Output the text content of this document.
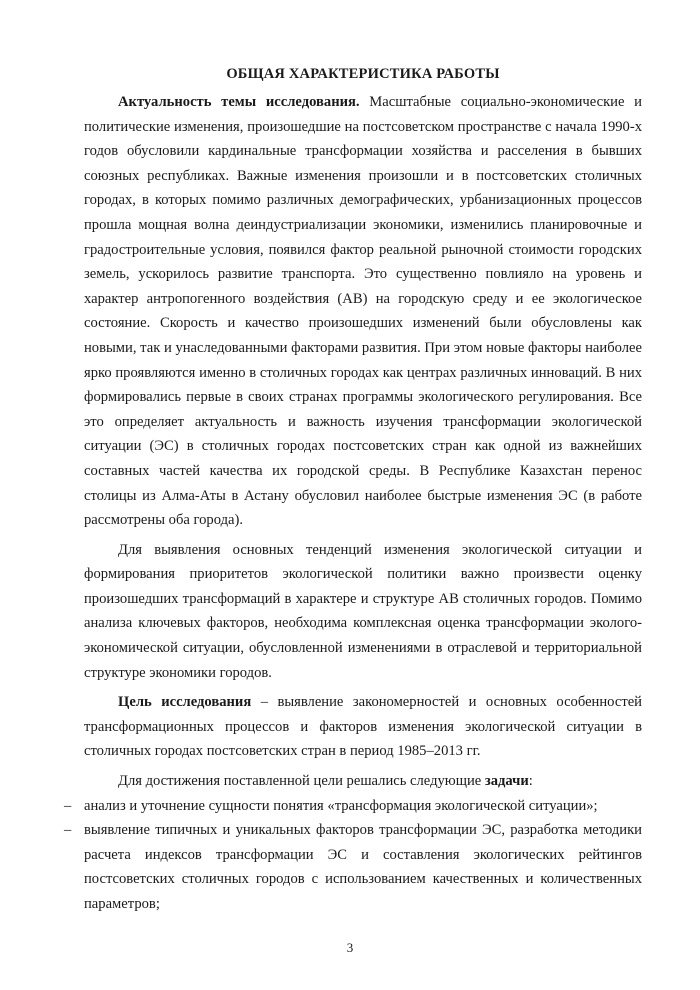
ОБЩАЯ ХАРАКТЕРИСТИКА РАБОТЫ

Актуальность темы исследования. Масштабные социально-экономические и политические изменения, произошедшие на постсоветском пространстве с начала 1990-х годов обусловили кардинальные трансформации хозяйства и расселения в бывших союзных республиках. Важные изменения произошли и в постсоветских столичных городах, в которых помимо различных демографических, урбанизационных процессов прошла мощная волна деиндустриализации экономики, изменились планировочные и градостроительные условия, появился фактор реальной рыночной стоимости городских земель, ускорилось развитие транспорта. Это существенно повлияло на уровень и характер антропогенного воздействия (АВ) на городскую среду и ее экологическое состояние. Скорость и качество произошедших изменений были обусловлены как новыми, так и унаследованными факторами развития. При этом новые факторы наиболее ярко проявляются именно в столичных городах как центрах различных инноваций. В них формировались первые в своих странах программы экологического регулирования. Все это определяет актуальность и важность изучения трансформации экологической ситуации (ЭС) в столичных городах постсоветских стран как одной из важнейших составных частей качества их городской среды. В Республике Казахстан перенос столицы из Алма-Аты в Астану обусловил наиболее быстрые изменения ЭС (в работе рассмотрены оба города).

Для выявления основных тенденций изменения экологической ситуации и формирования приоритетов экологической политики важно произвести оценку произошедших трансформаций в характере и структуре АВ столичных городов. Помимо анализа ключевых факторов, необходима комплексная оценка трансформации эколого-экономической ситуации, обусловленной изменениями в отраслевой и территориальной структуре экономики городов.

Цель исследования – выявление закономерностей и основных особенностей трансформационных процессов и факторов изменения экологической ситуации в столичных городах постсоветских стран в период 1985–2013 гг.

Для достижения поставленной цели решались следующие задачи:

– анализ и уточнение сущности понятия «трансформация экологической ситуации»;
– выявление типичных и уникальных факторов трансформации ЭС, разработка методики расчета индексов трансформации ЭС и составления экологических рейтингов постсоветских столичных городов с использованием качественных и количественных параметров;
3
